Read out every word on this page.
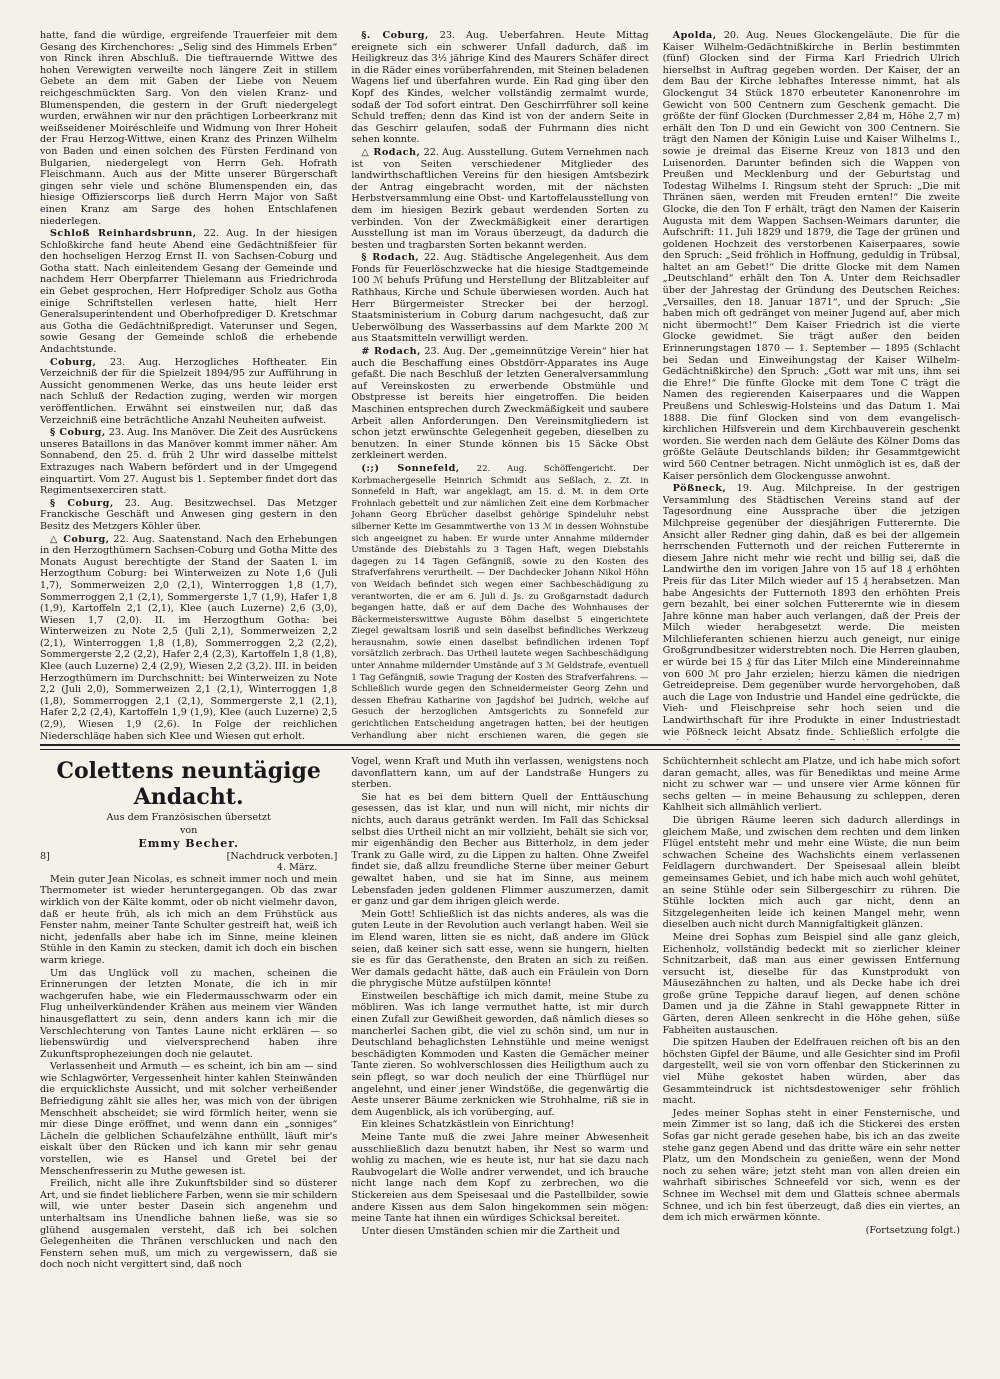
hatte, fand die würdige, ergreifende Trauerfeier mit dem Gesang des Kirchenchores: „Selig sind des Himmels Erben“ von Rinck ihren Abschluß. Die tieftrauernde Wittwe des hohen Verewigten verweilte noch längere Zeit in stillem Gebete an dem mit Gaben der Liebe von Neuem reichgeschmückten Sarg. Von den vielen Kranz- und Blumenspenden, die gestern in der Gruft niedergelegt wurden, erwähnen wir nur den prächtigen Lorbeerkranz mit weißseidener Moiréschleife und Widmung von Ihrer Hoheit der Frau Herzog-Wittwe, einen Kranz des Prinzen Wilhelm von Baden und einen solchen des Fürsten Ferdinand von Bulgarien, niedergelegt von Herrn Geh. Hofrath Fleischmann. Auch aus der Mitte unserer Bürgerschaft gingen sehr viele und schöne Blumenspenden ein, das hiesige Offizierscorps ließ durch Herrn Major von Saßt einen Kranz am Sarge des hohen Entschlafenen niederlegen.

Schloß Reinhardsbrunn, 22. Aug. In der hiesigen Schloßkirche fand heute Abend eine Gedächtnißfeier für den hochseligen Herzog Ernst II. von Sachsen-Coburg und Gotha statt. Nach einleitendem Gesang der Gemeinde und nachdem Herr Oberpfarrer Thielemann aus Friedrichroda ein Gebet gesprochen, Herr Hofprediger Scholz aus Gotha einige Schriftstellen verlesen hatte, hielt Herr Generalsuperintendent und Oberhofprediger D. Kretschmar aus Gotha die Gedächtnißpredigt. Vaterunser und Segen, sowie Gesang der Gemeinde schloß die erhebende Andachtstunde.

Coburg, 23. Aug. Herzogliches Hoftheater. Ein Verzeichniß der für die Spielzeit 1894/95 zur Aufführung in Aussicht genommenen Werke, das uns heute leider erst nach Schluß der Redaction zuging, werden wir morgen veröffentlichen. Erwähnt sei einstweilen nur, daß das Verzeichniß eine beträchtliche Anzahl Neuheiten aufweist.

§ Coburg, 23. Aug. Ins Manöver. Die Zeit des Ausrückens unseres Bataillons in das Manöver kommt immer näher. Am Sonnabend, den 25. d. früh 2 Uhr wird dasselbe mittelst Extrazuges nach Wabern befördert und in der Umgegend einquartirt. Vom 27. August bis 1. September findet dort das Regimentsexerciren statt.

§ Coburg, 23. Aug. Besitzwechsel. Das Metzger Franckische Geschäft und Anwesen ging gestern in den Besitz des Metzgers Köhler über.

△ Coburg, 22. Aug. Saatenstand. Nach den Erhebungen in den Herzogthümern Sachsen-Coburg und Gotha Mitte des Monats August berechtigte der Stand der Saaten I. im Herzogthum Coburg: bei Winterweizen zu Note 1,6 (Juli 1,7), Sommerweizen 2,0 (2,1), Winterroggen 1,8 (1,7), Sommerroggen 2,1 (2,1), Sommergerste 1,7 (1,9), Hafer 1,8 (1,9), Kartoffeln 2,1 (2,1), Klee (auch Luzerne) 2,6 (3,0), Wiesen 1,7 (2,0). II. im Herzogthum Gotha: bei Winterweizen zu Note 2,5 (Juli 2,1), Sommerweizen 2,2 (2,1), Winterroggen 1,8 (1,8), Sommerroggen 2,2 (2,2), Sommergerste 2,2 (2,2), Hafer 2,4 (2,3), Kartoffeln 1,8 (1,8), Klee (auch Luzerne) 2,4 (2,9), Wiesen 2,2 (3,2). III. in beiden Herzogthümern im Durchschnitt: bei Winterweizen zu Note 2,2 (Juli 2,0), Sommerweizen 2,1 (2,1), Winterroggen 1,8 (1,8), Sommerroggen 2,1 (2,1), Sommergerste 2,1 (2,1), Hafer 2,2 (2,4), Kartoffeln 1,9 (1,9), Klee (auch Luzerne) 2,5 (2,9), Wiesen 1,9 (2,6). In Folge der reichlichen Niederschläge haben sich Klee und Wiesen gut erholt.

§. Coburg, 23. Aug. Ueberfahren. Heute Mittag ereignete sich ein schwerer Unfall dadurch, daß im Heiligkreuz das 3½ jährige Kind des Maurers Schäfer direct in die Räder eines vorüberfahrenden, mit Steinen beladenen Wagens lief und überfahren wurde. Ein Rad ging über den Kopf des Kindes, welcher vollständig zermalmt wurde, sodaß der Tod sofort eintrat. Den Geschirrführer soll keine Schuld treffen; denn das Kind ist von der andern Seite in das Geschirr gelaufen, sodaß der Fuhrmann dies nicht sehen konnte.

△ Rodach, 22. Aug. Ausstellung. Gutem Vernehmen nach ist von Seiten verschiedener Mitglieder des landwirthschaftlichen Vereins für den hiesigen Amtsbezirk der Antrag eingebracht worden, mit der nächsten Herbstversammlung eine Obst- und Kartoffelausstellung von dem im hiesigen Bezirk gebaut werdenden Sorten zu verbinden. Von der Zweckmäßigkeit einer derartigen Ausstellung ist man im Voraus überzeugt, da dadurch die besten und tragbarsten Sorten bekannt werden.

§ Rodach, 22. Aug. Städtische Angelegenheit. Aus dem Fonds für Feuerlöschzwecke hat die hiesige Stadtgemeinde 100 ℳ behufs Prüfung und Herstellung der Blitzableiter auf Rathhaus, Kirche und Schule überwiesen worden. Auch hat Herr Bürgermeister Strecker bei der herzogl. Staatsministerium in Coburg darum nachgesucht, daß zur Ueberwölbung des Wasserbassins auf dem Markte 200 ℳ aus Staatsmitteln verwilligt werden.

# Rodach, 23. Aug. Der „gemeinnützige Verein“ hier hat auch die Beschaffung eines Obstdörr-Apparates ins Auge gefaßt. Die nach Beschluß der letzten Generalversammlung auf Vereinskosten zu erwerbende Obstmühle und Obstpresse ist bereits hier eingetroffen. Die beiden Maschinen entsprechen durch Zweckmäßigkeit und saubere Arbeit allen Anforderungen. Den Vereinsmitgliedern ist schon jetzt erwünschte Gelegenheit gegeben, dieselben zu benutzen. In einer Stunde können bis 15 Säcke Obst zerkleinert werden.

(:;) Sonnefeld, 22. Aug. Schöffengericht. Der Korbmachergeselle Heinrich Schmidt aus Seßlach, z. Zt. in Sonnefeld in Haft, war angeklagt, am 15. d. M. in dem Orte Frohnlach gebettelt und zur nämlichen Zeit eine dem Korbmacher Johann Georg Ebrücher daselbst gehörige Spindeluhr nebst silberner Kette im Gesammtwerthe von 13 ℳ in dessen Wohnstube sich angeeignet zu haben. Er wurde unter Annahme mildernder Umstände des Diebstahls zu 3 Tagen Haft, wegen Diebstahls dagegen zu 14 Tagen Gefängniß, sowie zu den Kosten des Strafverfahrens verurtheilt. — Der Dachdecker Johann Nikol Höhn von Weidach befindet sich wegen einer Sachbeschädigung zu verantworten, die er am 6. Juli d. Js. zu Großgarnstadt dadurch begangen hatte, daß er auf dem Dache des Wohnhauses der Bäckermeisterswittwe Auguste Böhm daselbst 5 eingerichtete Ziegel gewaltsam losriß und sein daselbst befindliches Werkzeug herausnahm, sowie einen daselbst befindlichen irdenen Topf vorsätzlich zerbrach. Das Urtheil lautete wegen Sachbeschädigung unter Annahme mildernder Umstände auf 3 ℳ Geldstrafe, eventuell 1 Tag Gefängniß, sowie Tragung der Kosten des Strafverfahrens. — Schließlich wurde gegen den Schneidermeister Georg Zehn und dessen Ehefrau Katharine von Jagdshof bei Judrich, welche auf Gesuch der herzoglichen Amtsgerichts zu Sonnefeld zur gerichtlichen Entscheidung angetragen hatten, bei der heutigen Verhandlung aber nicht erschienen waren, die gegen sie

Apolda, 20. Aug. Neues Glockengeläute. Die für die Kaiser Wilhelm-Gedächtnißkirche in Berlin bestimmten (fünf) Glocken sind der Firma Karl Friedrich Ulrich hierselbst in Auftrag gegeben worden. Der Kaiser, der an dem Bau der Kirche lebhaftes Interesse nimmt, hat als Glockengut 34 Stück 1870 erbeuteter Kanonenrohre im Gewicht von 500 Centnern zum Geschenk gemacht. Die größte der fünf Glocken (Durchmesser 2,84 m, Höhe 2,7 m) erhält den Ton D und ein Gewicht von 300 Centnern. Sie trägt den Namen der Königin Luise und Kaiser Wilhelms I., sowie je dreimal das Eiserne Kreuz von 1813 und den Luisenorden. Darunter befinden sich die Wappen von Preußen und Mecklenburg und der Geburtstag und Todestag Wilhelms I. Ringsum steht der Spruch: „Die mit Thränen säen, werden mit Freuden ernten!“ Die zweite Glocke, die den Ton F erhält, trägt den Namen der Kaiserin Augusta mit dem Wappen Sachsen-Weimars darunter, die Aufschrift: 11. Juli 1829 und 1879, die Tage der grünen und goldenen Hochzeit des verstorbenen Kaiserpaares, sowie den Spruch: „Seid fröhlich in Hoffnung, geduldig in Trübsal, haltet an am Gebet!“ Die dritte Glocke mit dem Namen „Deutschland“ erhält den Ton A. Unter dem Reichsadler über der Jahrestag der Gründung des Deutschen Reiches: „Versailles, den 18. Januar 1871“, und der Spruch: „Sie haben mich oft gedränget von meiner Jugend auf, aber mich nicht übermocht!“ Dem Kaiser Friedrich ist die vierte Glocke gewidmet. Sie trägt außer den beiden Erinnerungstagen 1870 — 1. September — 1895 (Schlacht bei Sedan und Einweihungstag der Kaiser Wilhelm-Gedächtnißkirche) den Spruch: „Gott war mit uns, ihm sei die Ehre!“ Die fünfte Glocke mit dem Tone C trägt die Namen des regierenden Kaiserpaares und die Wappen Preußens und Schleswig-Holsteins und das Datum 1. Mai 1888. Die fünf Glocken sind von dem evangelisch-kirchlichen Hilfsverein und dem Kirchbauverein geschenkt worden. Sie werden nach dem Geläute des Kölner Doms das größte Geläute Deutschlands bilden; ihr Gesammtgewicht wird 560 Centner betragen. Nicht unmöglich ist es, daß der Kaiser persönlich dem Glockengusse anwohnt.

Pößneck, 19. Aug. Milchpreise. In der gestrigen Versammlung des Städtischen Vereins stand auf der Tagesordnung eine Aussprache über die jetzigen Milchpreise gegenüber der diesjährigen Futterernte. Die Ansicht aller Redner ging dahin, daß es bei der allgemein herrschenden Futternoth und der reichen Futterernte in diesem Jahre nicht mehr wie recht und billig sei, daß die Landwirthe den im vorigen Jahre von 15 auf 18 ₰ erhöhten Preis für das Liter Milch wieder auf 15 ₰ herabsetzen. Man habe Angesichts der Futternoth 1893 den erhöhten Preis gern bezahlt, bei einer solchen Futterernte wie in diesem Jahre könne man haber auch verlangen, daß der Preis der Milch wieder herabgesetzt werde. Die meisten Milchlieferanten schienen hierzu auch geneigt, nur einige Großgrundbesitzer widerstrebten noch. Die Herren glauben, er würde bei 15 ₰ für das Liter Milch eine Mindereinnahme von 600 ℳ pro Jahr erzielen; hierzu kämen die niedrigen Getreidepreise. Dem gegenüber wurde hervorgehoben, daß auch die Lage von Industrie und Handel eine gedrückte, die Vieh- und Fleischpreise sehr hoch seien und die Landwirthschaft für ihre Produkte in einer Industriestadt wie Pößneck leicht Absatz finde. Schließlich erfolgte die

Colettens neuntägige Andacht.

Aus dem Französischen übersetzt

von

Emmy Becher.

8]	[Nachdruck verboten.]
4. März.

Mein guter Jean Nicolas, es schneit immer noch und mein Thermometer ist wieder heruntergegangen. Ob das zwar wirklich von der Kälte kommt, oder ob nicht vielmehr davon, daß er heute früh, als ich mich an dem Frühstück aus Fenster nahm, meiner Tante Schulter gestreift hat, weiß ich nicht, jedenfalls aber habe ich im Sinne, meine kleinen Stühle in den Kamin zu stecken, damit ich doch ein bischen warm kriege.

Um das Unglück voll zu machen, scheinen die Erinnerungen der letzten Monate, die ich in mir wachgerufen habe, wie ein Fledermausschwarm oder ein Flug unheilverkündender Krähen aus meinem vier Wänden hinausgeflattert zu sein, denn anders kann ich mir die Verschlechterung von Tantes Laune nicht erklären — so liebenswürdig und vielversprechend haben ihre Zukunftsprophezeiungen doch nie gelautet.

Verlassenheit und Armuth — es scheint, ich bin am — sind wie Schlagwörter, Vergessenheit hinter kahlen Steinwänden die erquicklichste Aussicht, und mit solcher verheißender Befriedigung zählt sie alles her, was mich von der übrigen Menschheit abscheidet; sie wird förmlich heiter, wenn sie mir diese Dinge eröffnet, und wenn dann ein „sonniges“ Lächeln die gelblichen Schaufelzähne enthüllt, läuft mir's eiskalt über den Rücken und ich kann mir sehr genau vorstellen, wie es Hansel und Gretel bei der Menschenfresserin zu Muthe gewesen ist.

Freilich, nicht alle ihre Zukunftsbilder sind so düsterer Art, und sie findet lieblichere Farben, wenn sie mir schildern will, wie unter bester Dasein sich angenehm und unterhaltsam ins Unendliche bahnen ließe, was sie so glühend ausgemalen versteht, daß ich bei solchen Gelegenheiten die Thränen verschlucken und nach den Fenstern sehen muß, um mich zu vergewissern, daß sie doch noch nicht vergittert sind, daß noch

Vogel, wenn Kraft und Muth ihn verlassen, wenigstens noch davonflattern kann, um auf der Landstraße Hungers zu sterben.

Sie hat es bei dem bittern Quell der Enttäuschung gesessen, das ist klar, und nun will nicht, mir nichts dir nichts, auch daraus getränkt werden. Im Fall das Schicksal selbst dies Urtheil nicht an mir vollzieht, behält sie sich vor, mir eigenhändig den Becher aus Bitterholz, in dem jeder Trank zu Galle wird, zu die Lippen zu halten. Ohne Zweifel findet sie, daß allzu freundliche Sterne über meiner Geburt gewaltet haben, und sie hat im Sinne, aus meinem Lebensfaden jeden goldenen Flimmer auszumerzen, damit er ganz und gar dem ihrigen gleich werde.

Mein Gott! Schließlich ist das nichts anderes, als was die guten Leute in der Revolution auch verlangt haben. Weil sie im Elend waren, litten sie es nicht, daß andere im Glück seien, daß keiner sich satt esse, wenn sie hungern, hielten sie es für das Gerathenste, den Braten an sich zu reißen. Wer damals gedacht hätte, daß auch ein Fräulein von Dorn die phrygische Mütze aufstülpen könnte!

Einstweilen beschäftige ich mich damit, meine Stube zu möbliren. Was ich lange vermuthet hatte, ist mir durch einen Zufall zur Gewißheit geworden, daß nämlich dieses so mancherlei Sachen gibt, die viel zu schön sind, um nur in Deutschland behaglichsten Lehnstühle und meine wenigst beschädigten Kommoden und Kasten die Gemächer meiner Tante zieren. So wohlverschlossen dies Heiligthum auch zu sein pflegt, so war doch neulich der eine Thürflügel nur angelehnt, und einer jener Windstöße, die gegenwärtig die Aeste unserer Bäume zerknicken wie Strohhalme, riß sie in dem Augenblick, als ich vorüberging, auf.

Ein kleines Schatzkästlein von Einrichtung!

Meine Tante muß die zwei Jahre meiner Abwesenheit ausschließlich dazu benutzt haben, ihr Nest so warm und wohlig zu machen, wie es heute ist, nur hat sie dazu nach Raubvogelart die Wolle andrer verwendet, und ich brauche nicht lange nach dem Kopf zu zerbrechen, wo die Stickereien aus dem Speisesaal und die Pastellbilder, sowie andere Kissen aus dem Salon hingekommen sein mögen: meine Tante hat ihnen ein würdiges Schicksal bereitet.

Unter diesen Umständen schien mir die Zartheit und

Schüchternheit schlecht am Platze, und ich habe mich sofort daran gemacht, alles, was für Benediktas und meine Arme nicht zu schwer war — und unsere vier Arme können für sechs gelten — in meine Behausung zu schleppen, deren Kahlheit sich allmählich verliert.

Die übrigen Räume leeren sich dadurch allerdings in gleichem Maße, und zwischen dem rechten und dem linken Flügel entsteht mehr und mehr eine Wüste, die nun beim schwachen Scheine des Wachslichts einem verlassenen Feldlagern durchwandert. Der Speisesaal allein bleibt gemeinsames Gebiet, und ich habe mich auch wohl gehütet, an seine Stühle oder sein Silbergeschirr zu rühren. Die Stühle lockten mich auch gar nicht, denn an Sitzgelegenheiten leide ich keinen Mangel mehr, wenn dieselben auch nicht durch Mannigfaltigkeit glänzen.

Meine drei Sophas zum Beispiel sind alle ganz gleich, Eichenholz, vollständig bedeckt mit so zierlicher kleiner Schnitzarbeit, daß man aus einer gewissen Entfernung versucht ist, dieselbe für das Kunstprodukt von Mäusezähnchen zu halten, und als Decke habe ich drei große grüne Teppiche darauf liegen, auf denen schöne Damen und ja die Zähne in Stahl gewappnete Ritter in Gärten, deren Alleen senkrecht in die Höhe gehen, süße Fabheiten austauschen.

Die spitzen Hauben der Edelfrauen reichen oft bis an den höchsten Gipfel der Bäume, und alle Gesichter sind im Profil dargestellt, weil sie von vorn offenbar den Stickerinnen zu viel Mühe gekostet haben würden, aber das Gesammteindruck ist nichtsdestoweniger sehr fröhlich macht.

Jedes meiner Sophas steht in einer Fensternische, und mein Zimmer ist so lang, daß ich die Stickerei des ersten Sofas gar nicht gerade gesehen habe, bis ich an das zweite stehe ganz gegen Abend und das dritte wäre ein sehr netter Platz, um den Mondschein zu genießen, wenn der Mond noch zu sehen wäre; jetzt steht man von allen dreien ein wahrhaft sibirisches Schneefeld vor sich, wenn es der Schnee im Wechsel mit dem und Glatteis schnee abermals Schnee, und ich bin fest überzeugt, daß dies ein viertes, an dem ich mich erwärmen könnte.

(Fortsetzung folgt.)
